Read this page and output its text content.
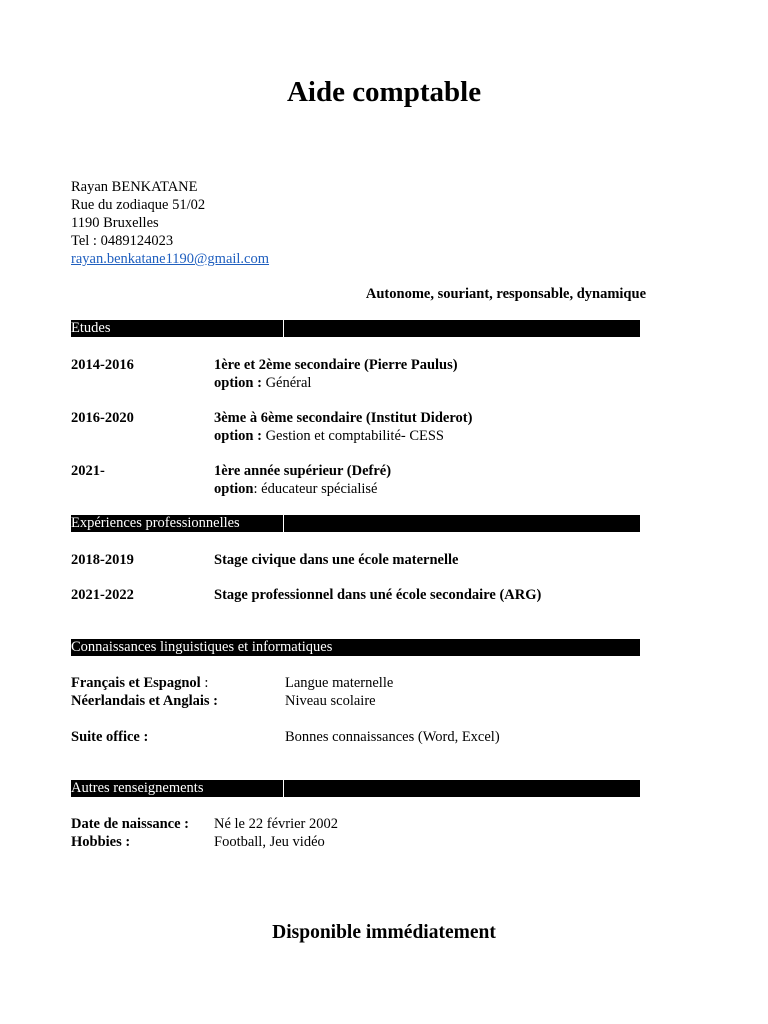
Aide comptable
Rayan BENKATANE
Rue du zodiaque 51/02
1190 Bruxelles
Tel : 0489124023
rayan.benkatane1190@gmail.com
Autonome, souriant, responsable, dynamique
Etudes
2014-2016	1ère et 2ème secondaire (Pierre Paulus)
option : Général
2016-2020	3ème à 6ème secondaire (Institut Diderot)
option : Gestion et comptabilité- CESS
2021-	1ère année supérieur (Defré)
option: éducateur spécialisé
Expériences professionnelles
2018-2019	Stage civique dans une école maternelle
2021-2022	Stage professionnel dans uné école secondaire (ARG)
Connaissances linguistiques et informatiques
Français et Espagnol :	Langue maternelle
Néerlandais et Anglais :	Niveau scolaire
Suite office :	Bonnes connaissances (Word, Excel)
Autres renseignements
Date de naissance : Né le 22 février 2002
Hobbies :	Football, Jeu vidéo
Disponible immédiatement
